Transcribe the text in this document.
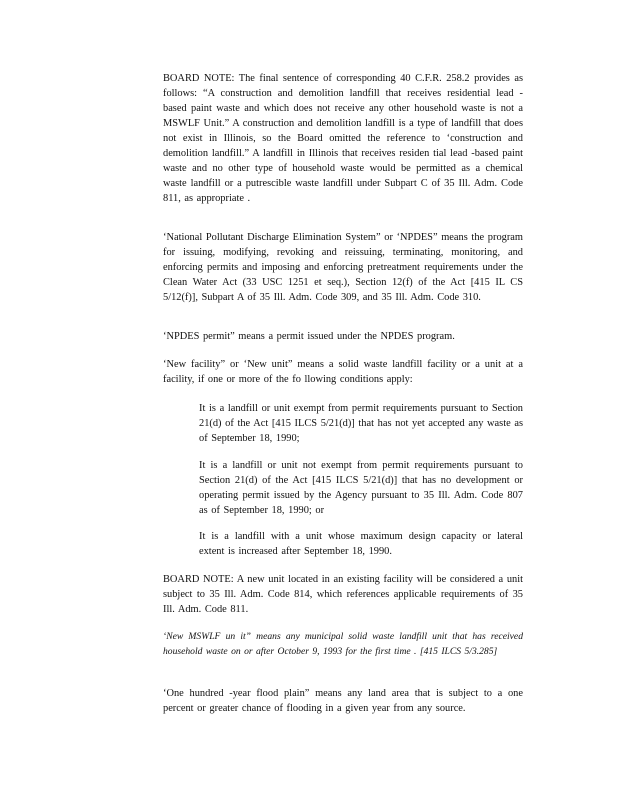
BOARD NOTE: The final sentence of corresponding 40 C.F.R. 258.2 provides as follows: “A construction and demolition landfill that receives residential lead -based paint waste and which does not receive any other household waste is not a MSWLF Unit.” A construction and demolition landfill is a type of landfill that does not exist in Illinois, so the Board omitted the reference to ‘construction and demolition landfill.” A landfill in Illinois that receives residen tial lead -based paint waste and no other type of household waste would be permitted as a chemical waste landfill or a putrescible waste landfill under Subpart C of 35 Ill. Adm. Code 811, as appropriate .

‘National Pollutant Discharge Elimination System” or ‘NPDES” means the program for issuing, modifying, revoking and reissuing, terminating, monitoring, and enforcing permits and imposing and enforcing pretreatment requirements under the Clean Water Act (33 USC 1251 et seq.), Section 12(f) of the Act [415 IL CS 5/12(f)], Subpart A of 35 Ill. Adm. Code 309, and 35 Ill. Adm. Code 310.

‘NPDES permit” means a permit issued under the NPDES program.

‘New facility” or ‘New unit” means a solid waste landfill facility or a unit at a facility, if one or more of the fo llowing conditions apply:

It is a landfill or unit exempt from permit requirements pursuant to Section 21(d) of the Act [415 ILCS 5/21(d)] that has not yet accepted any waste as of September 18, 1990;

It is a landfill or unit not exempt from permit requirements pursuant to Section 21(d) of the Act [415 ILCS 5/21(d)] that has no development or operating permit issued by the Agency pursuant to 35 Ill. Adm. Code 807 as of September 18, 1990; or

It is a landfill with a unit whose maximum design capacity or lateral extent is increased after September 18, 1990.

BOARD NOTE: A new unit located in an existing facility will be considered a unit subject to 35 Ill. Adm. Code 814, which references applicable requirements of 35 Ill. Adm. Code 811.

‘New MSWLF un it” means any municipal solid waste landfill unit that has received household waste on or after October 9, 1993 for the first time . [415 ILCS 5/3.285]

‘One hundred -year flood plain” means any land area that is subject to a one percent or greater chance of flooding in a given year from any source.
